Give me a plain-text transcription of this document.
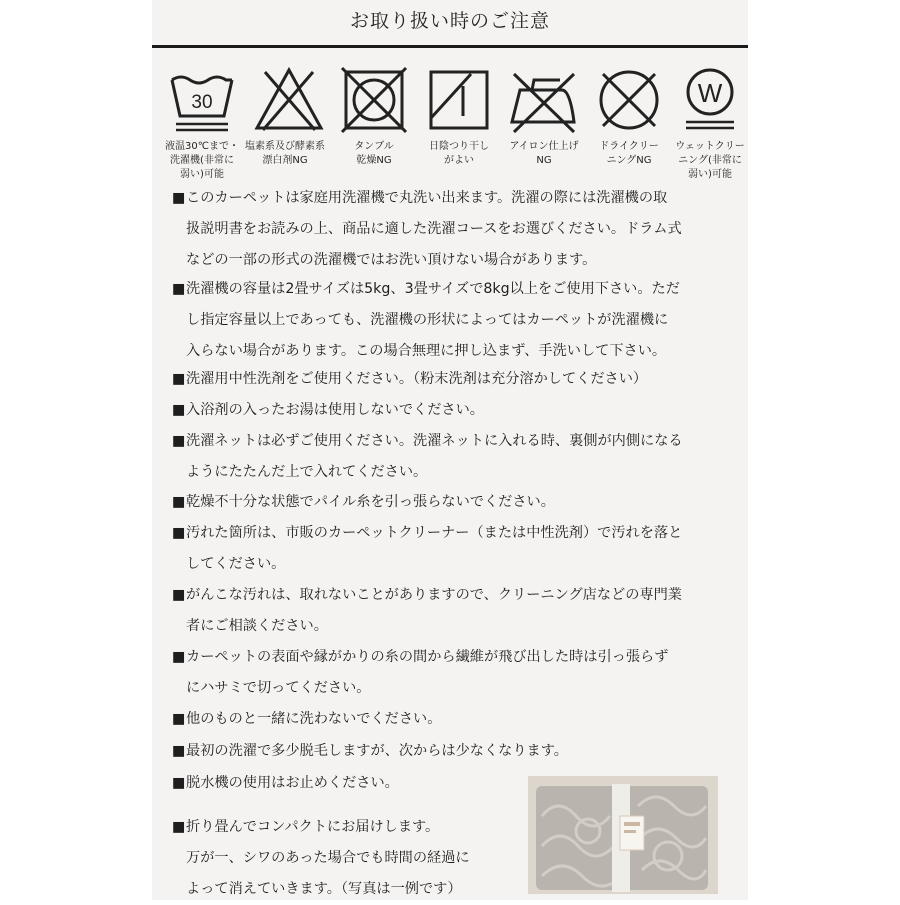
お取り扱い時のご注意
30	W
液温30℃まで・
洗濯機(非常に
弱い)可能
塩素系及び酵素系
漂白剤NG
タンブル
乾燥NG
日陰つり干し
がよい
アイロン仕上げ
NG
ドライクリー
ニングNG
ウェットクリー
ニング(非常に
弱い)可能
■このカーペットは家庭用洗濯機で丸洗い出来ます。洗濯の際には洗濯機の取
扱説明書をお読みの上、商品に適した洗濯コースをお選びください。ドラム式
などの一部の形式の洗濯機ではお洗い頂けない場合があります。
■洗濯機の容量は2畳サイズは5kg、3畳サイズで8kg以上をご使用下さい。ただ
し指定容量以上であっても、洗濯機の形状によってはカーペットが洗濯機に
入らない場合があります。この場合無理に押し込まず、手洗いして下さい。
■洗濯用中性洗剤をご使用ください。（粉末洗剤は充分溶かしてください）
■入浴剤の入ったお湯は使用しないでください。
■洗濯ネットは必ずご使用ください。洗濯ネットに入れる時、裏側が内側になる
ようにたたんだ上で入れてください。
■乾燥不十分な状態でパイル糸を引っ張らないでください。
■汚れた箇所は、市販のカーペットクリーナー（または中性洗剤）で汚れを落と
してください。
■がんこな汚れは、取れないことがありますので、クリーニング店などの専門業
者にご相談ください。
■カーペットの表面や縁がかりの糸の間から繊維が飛び出した時は引っ張らず
にハサミで切ってください。
■他のものと一緒に洗わないでください。
■最初の洗濯で多少脱毛しますが、次からは少なくなります。
■脱水機の使用はお止めください。
■折り畳んでコンパクトにお届けします。
万が一、シワのあった場合でも時間の経過に
よって消えていきます。（写真は一例です）
